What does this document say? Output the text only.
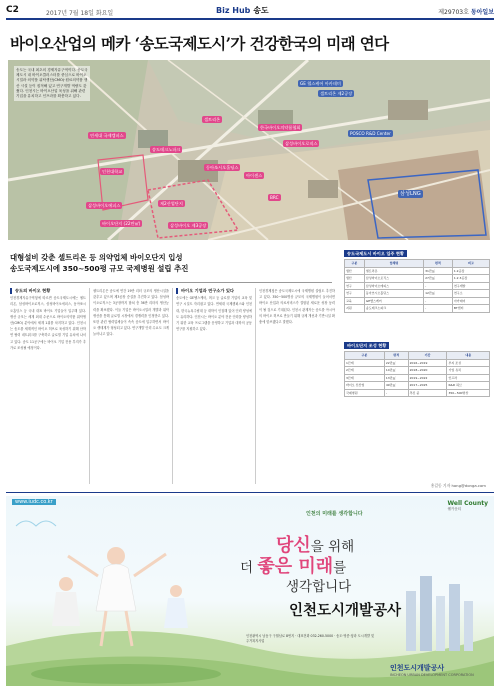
C2	2017년 7월 18일 화요일	Biz Hub 송도	제29703호 동아일보
바이오산업의 메카 ‘송도국제도시’가 건강한국의 미래 연다
송도는 국내 최초의 경제자유구역이다. 송도국제도시 내 바이오클러스터를 중심으로 바이오시밀러·의약품 위탁생산(CMO)·원료의약품 생산 시설 등이 집적해 있고 연구개발 역량도 갖췄다. 인천시는 바이오산업 육성을 위해 관련 기업을 유치하고 인프라를 확충하고 있다.
GE 헬스케어 아카데미
셀트리온 제2공장
한국바이오의약품협회
삼성바이오로직스
셀트리온
POSCO R&D Center
연세대 국제캠퍼스
송도테크노파크
동아쏘시오홀딩스
인천대학교
아이센스
삼성바이오에피스
BRC
삼성LNG
제2산업단지
바이오단지 (22만㎡)	삼성바이오 제3공장
대형설비 갖춘 셀트리온 등 의약업체 바이오단지 입성
송도국제도시에 350~500평 규모 국제병원 설립 추진
송도의 바이오 현황

인천경제자유구역청에 따르면 송도국제도시에는 셀트리온, 삼성바이오로직스, 삼성바이오에피스, 동아쏘시오홀딩스 등 국내 대표 바이오 기업들이 입주해 있다. 생산 규모는 세계 최대 수준으로 바이오의약품 위탁생산(CMO) 분야에서 세계 1위를 차지하고 있다. 인천시는 송도를 세계적인 바이오 허브로 육성하기 위해 산학연 협력 네트워크를 구축하고 글로벌 기업 유치에 나서고 있다. 송도 11공구에는 바이오 기업 전용 부지가 추가로 조성될 예정이다.

셀트리온은 송도에 연간 19만 리터 규모의 생산시설을 갖추고 있으며 제3공장 증설을 추진하고 있다. 삼성바이오로직스는 3공장까지 합쳐 총 36만 리터의 생산능력을 확보했다. 이들 기업은 바이오시밀러 개발과 위탁생산을 통해 글로벌 시장에서 경쟁력을 인정받고 있다. 또한 관련 협력업체들이 속속 송도에 입주하면서 바이오 생태계가 형성되고 있다. 연구개발 인력 수요도 크게 늘어나고 있다.

바이오 기업과 연구소가 있다

송도에는 GE헬스케어, 머크 등 글로벌 기업의 교육 및 연구 시설도 자리잡고 있다. 연세대 국제캠퍼스와 인천대, 한국뉴욕주립대 등 대학이 인접해 있어 인력 양성에도 유리하다. 인천시는 바이오 분야 전문 인력을 양성하기 위한 교육 프로그램을 운영하고 기업과 대학의 공동 연구를 지원하고 있다.

인천경제청은 송도국제도시에 국제병원 설립도 추진하고 있다. 350~500병상 규모의 국제병원이 들어서면 바이오 산업과 의료서비스가 결합된 새로운 성장 동력이 될 것으로 기대된다. 인천시 관계자는 송도를 아시아의 바이오 허브로 만들기 위해 규제 개선과 기반시설 확충에 힘쓰겠다고 말했다.

송도국제도시 바이오 입주 현황
구분	업체명	면적	비고
생산	셀트리온	31만㎡	1·2공장
생산	삼성바이오로직스	27만㎡	1·2·3공장
연구	삼성바이오에피스	-	연구개발
연구	동아쏘시오홀딩스	12만㎡	연구소
교육	GE헬스케어	-	아카데미
지원	송도테크노파크	-	BT센터
바이오단지 조성 현황
구분	면적	기간	내용
1단계	22만㎡	2016~2019	부지 조성
2단계	14만㎡	2018~2020	기업 유치
3단계	13만㎡	2019~2022	인프라
바이오 신산업	49만㎡	2017~2025	R&D 허브
국제병원	-	추진 중	350~500병상
홍길동 기자 hong@donga.com
www.iudc.co.kr
인천의 미래를 생각합니다
Well County
웰카운티
당신을 위해
더 좋은 미래를
생각합니다
인천도시개발공사
인천광역시 남동구 구월남로 8번지 · 대표전화 032-260-5000 · 송도·영종·청라 도시개발 및 주거복지사업
인천도시개발공사
INCHEON URBAN DEVELOPMENT CORPORATION
